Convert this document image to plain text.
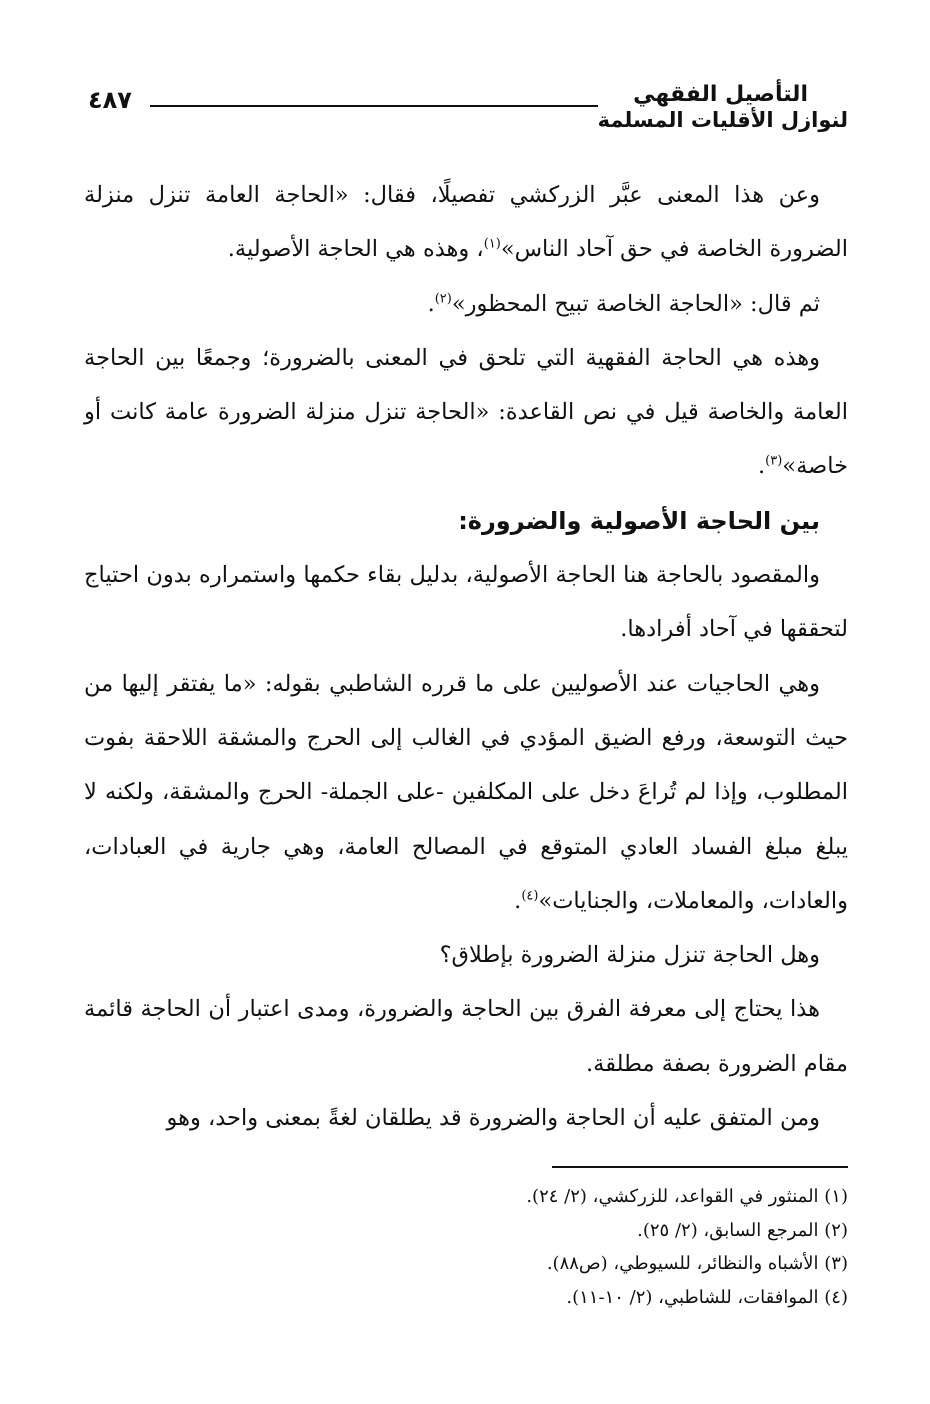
التأصيل الفقهي
لنوازل الأقليات المسلمة
٤٨٧

وعن هذا المعنى عبَّر الزركشي تفصيلًا، فقال: «الحاجة العامة تنزل منزلة الضرورة الخاصة في حق آحاد الناس»$^{(١)}$، وهذه هي الحاجة الأصولية.

ثم قال: «الحاجة الخاصة تبيح المحظور»$^{(٢)}$.

وهذه هي الحاجة الفقهية التي تلحق في المعنى بالضرورة؛ وجمعًا بين الحاجة العامة والخاصة قيل في نص القاعدة: «الحاجة تنزل منزلة الضرورة عامة كانت أو خاصة»$^{(٣)}$.

بين الحاجة الأصولية والضرورة:

والمقصود بالحاجة هنا الحاجة الأصولية، بدليل بقاء حكمها واستمراره بدون احتياج لتحققها في آحاد أفرادها.

وهي الحاجيات عند الأصوليين على ما قرره الشاطبي بقوله: «ما يفتقر إليها من حيث التوسعة، ورفع الضيق المؤدي في الغالب إلى الحرج والمشقة اللاحقة بفوت المطلوب، وإذا لم تُراعَ دخل على المكلفين -على الجملة- الحرج والمشقة، ولكنه لا يبلغ مبلغ الفساد العادي المتوقع في المصالح العامة، وهي جارية في العبادات، والعادات، والمعاملات، والجنايات»$^{(٤)}$.

وهل الحاجة تنزل منزلة الضرورة بإطلاق؟

هذا يحتاج إلى معرفة الفرق بين الحاجة والضرورة، ومدى اعتبار أن الحاجة قائمة مقام الضرورة بصفة مطلقة.

ومن المتفق عليه أن الحاجة والضرورة قد يطلقان لغةً بمعنى واحد، وهو

(١) المنثور في القواعد، للزركشي، (٢/ ٢٤).
(٢) المرجع السابق، (٢/ ٢٥).
(٣) الأشباه والنظائر، للسيوطي، (ص٨٨).
(٤) الموافقات، للشاطبي، (٢/ ١٠-١١).
